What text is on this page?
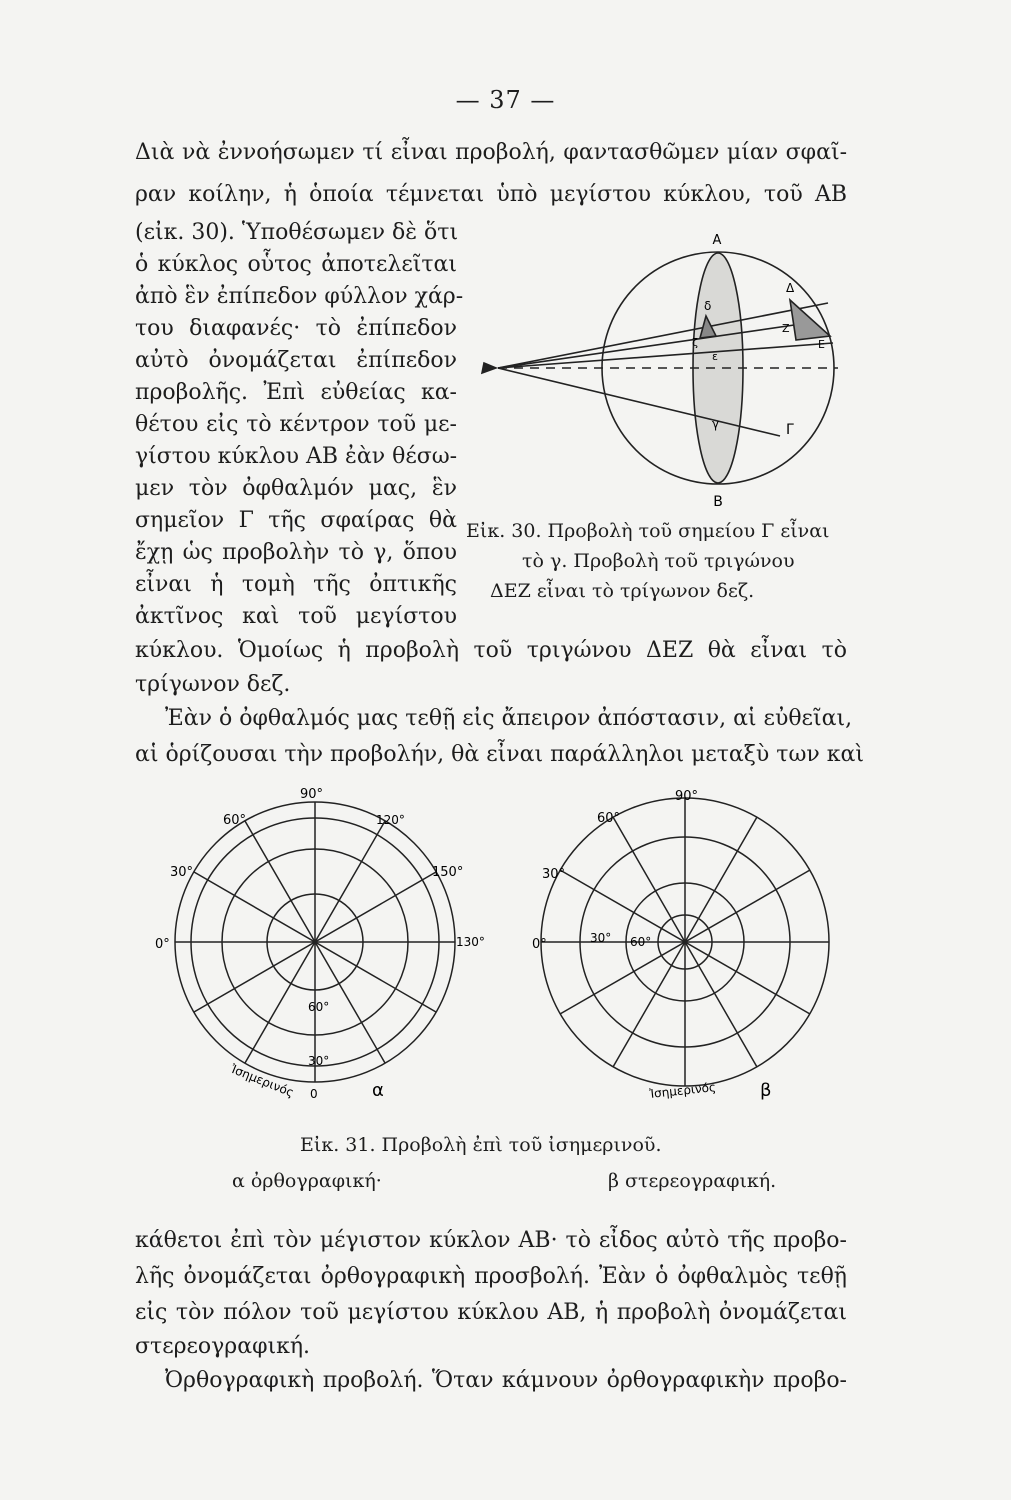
— 37 —
Διὰ νὰ ἐννοήσωμεν τί εἶναι προβολή, φαντασθῶμεν μίαν σφαῖ-
ραν κοίλην, ἡ ὁποία τέμνεται ὑπὸ μεγίστου κύκλου, τοῦ ΑΒ
(εἰκ. 30). Ὑποθέσωμεν δὲ ὅτι
ὁ κύκλος οὗτος ἀποτελεῖται
ἀπὸ ἓν ἐπίπεδον φύλλον χάρ-
του διαφανές· τὸ ἐπίπεδον
αὐτὸ ὀνομάζεται ἐπίπεδον
προβολῆς. Ἐπὶ εὐθείας κα-
θέτου εἰς τὸ κέντρον τοῦ με-
γίστου κύκλου ΑΒ ἐὰν θέσω-
μεν τὸν ὀφθαλμόν μας, ἓν
σημεῖον Γ τῆς σφαίρας θὰ
ἔχῃ ὡς προβολὴν τὸ γ, ὅπου
εἶναι ἡ τομὴ τῆς ὀπτικῆς
ἀκτῖνος καὶ τοῦ μεγίστου
κύκλου. Ὁμοίως ἡ προβολὴ τοῦ τριγώνου ΔΕΖ θὰ εἶναι τὸ
τρίγωνον δεζ.
Ἐὰν ὁ ὀφθαλμός μας τεθῇ εἰς ἄπειρον ἀπόστασιν, αἱ εὐθεῖαι,
αἱ ὁρίζουσαι τὴν προβολήν, θὰ εἶναι παράλληλοι μεταξὺ των καὶ
Α
Β
Γ
Δ
Ζ
Ε
δ
ζ
ε
γ
Εἰκ. 30. Προβολὴ τοῦ σημείου Γ εἶναι
τὸ γ. Προβολὴ τοῦ τριγώνου
ΔΕΖ εἶναι τὸ τρίγωνον δεζ.
90°
60°	120°
30°	150°
0°	130°
60°
30°
0
Ἰσημερινός	α
90°
60°
30°
0°	30° 60°
Ἰσημερινός β
Εἰκ. 31. Προβολὴ ἐπὶ τοῦ ἰσημερινοῦ.
α ὀρθογραφική·	β στερεογραφική.
κάθετοι ἐπὶ τὸν μέγιστον κύκλον ΑΒ· τὸ εἶδος αὐτὸ τῆς προβο-
λῆς ὀνομάζεται ὀρθογραφικὴ προσβολή. Ἐὰν ὁ ὀφθαλμὸς τεθῇ
εἰς τὸν πόλον τοῦ μεγίστου κύκλου ΑΒ, ἡ προβολὴ ὀνομάζεται
στερεογραφική.
Ὀρθογραφικὴ προβολή. Ὅταν κάμνουν ὀρθογραφικὴν προβο-
